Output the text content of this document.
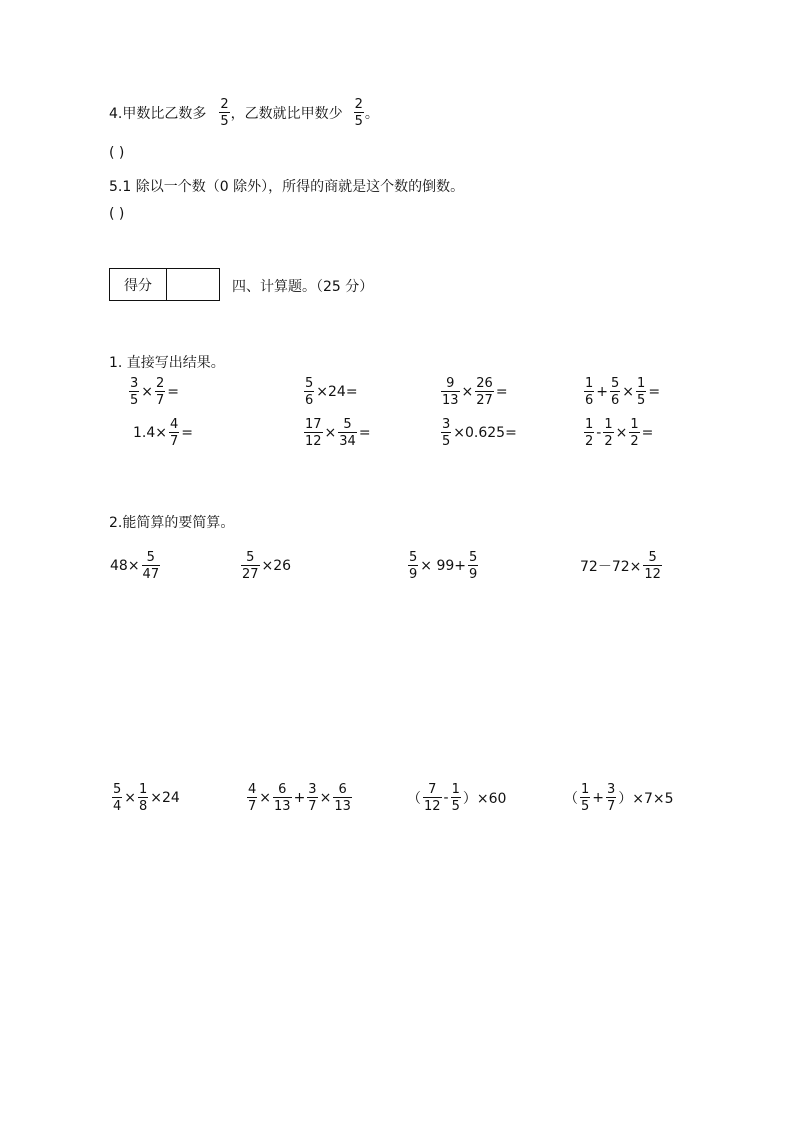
4.甲数比乙数多 $\frac{2}{5}$ ，乙数就比甲数少 $\frac{2}{5}$ 。
( )
5.1 除以一个数（0 除外），所得的商就是这个数的倒数。
( )
得分	四、计算题。（25 分）
1. 直接写出结果。
$\frac{3}{5} \times \frac{2}{7}$ =	$\frac{5}{6} \times 24=$	$\frac{9}{13} \times \frac{26}{27}$ =	$\frac{1}{6} + \frac{5}{6} \times \frac{1}{5}$ =
$1.4\times \frac{4}{7}$ =	$\frac{17}{12} \times \frac{5}{34}$ =	$\frac{3}{5} \times 0.625=$	$\frac{1}{2} - \frac{1}{2} \times \frac{1}{2}$ =
2.能简算的要简算。
$48\times \frac{5}{47}$	$\frac{5}{27} \times 26$	$\frac{5}{9} \times 99+ \frac{5}{9}$	$72-72\times \frac{5}{12}$
$\frac{5}{4} \times \frac{1}{8} \times 24$	$\frac{4}{7} \times \frac{6}{13} + \frac{3}{7} \times \frac{6}{13}$	（ $\frac{7}{12} - \frac{1}{5} )\times 60$	（ $\frac{1}{5} + \frac{3}{7} )\times 7\times 5$
